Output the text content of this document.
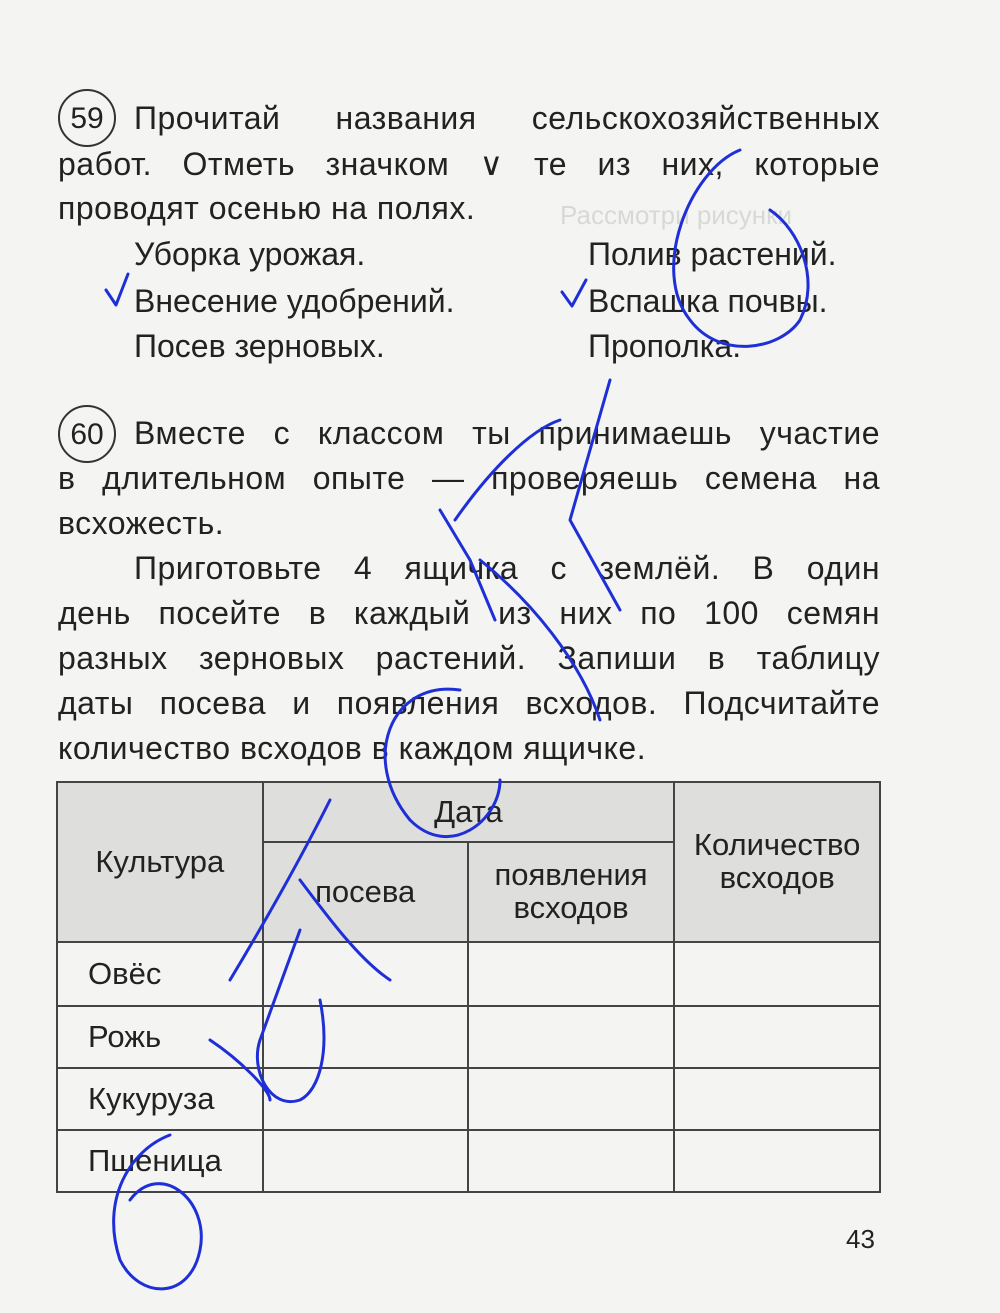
Рассмотри рисунки
59 Прочитай названия сельскохозяйственных
работ. Отметь значком ∨ те из них, которые
проводят осенью на полях.
Уборка урожая.
Внесение удобрений.
Посев зерновых.
Полив растений.
Вспашка почвы.
Прополка.
60 Вместе с классом ты принимаешь участие
в длительном опыте — проверяешь семена на
всхожесть.
Приготовьте 4 ящичка с землёй. В один
день посейте в каждый из них по 100 семян
разных зерновых растений. Запиши в таблицу
даты посева и появления всходов. Подсчитайте
количество всходов в каждом ящичке.
Культура	Дата		Количество
всходов

	посева	появления
всходов	

Овёс			
Рожь			
Кукуруза			
Пшеница			
43
